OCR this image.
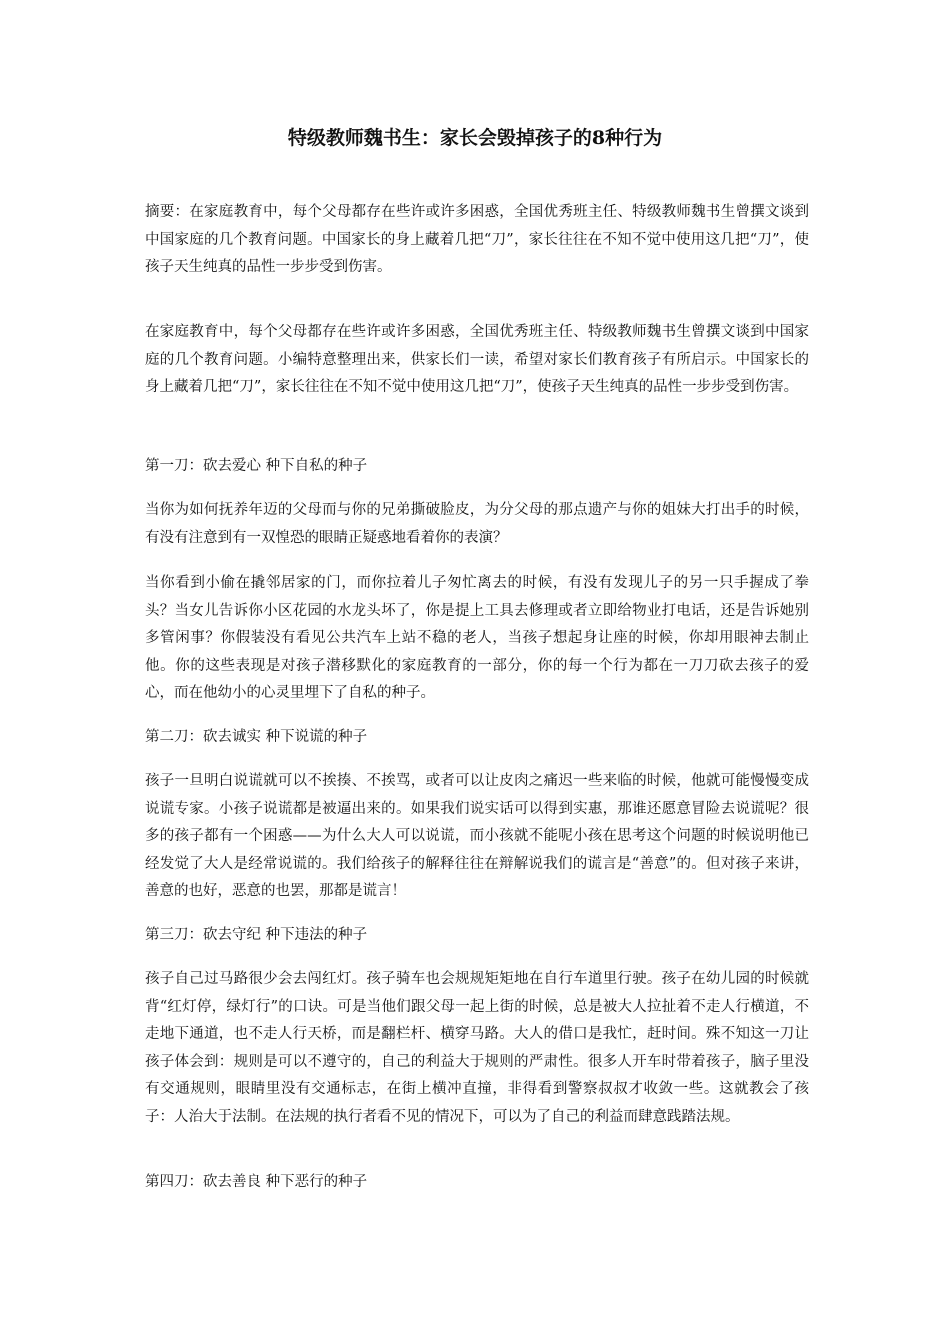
特级教师魏书生：家长会毁掉孩子的8种行为

摘要：在家庭教育中，每个父母都存在些许或许多困惑，全国优秀班主任、特级教师魏书生曾撰文谈到中国家庭的几个教育问题。中国家长的身上藏着几把“刀”，家长往往在不知不觉中使用这几把“刀”，使孩子天生纯真的品性一步步受到伤害。

在家庭教育中，每个父母都存在些许或许多困惑，全国优秀班主任、特级教师魏书生曾撰文谈到中国家庭的几个教育问题。小编特意整理出来，供家长们一读，希望对家长们教育孩子有所启示。中国家长的身上藏着几把“刀”，家长往往在不知不觉中使用这几把“刀”，使孩子天生纯真的品性一步步受到伤害。

第一刀：砍去爱心 种下自私的种子

当你为如何抚养年迈的父母而与你的兄弟撕破脸皮，为分父母的那点遗产与你的姐妹大打出手的时候，有没有注意到有一双惶恐的眼睛正疑惑地看着你的表演？

当你看到小偷在撬邻居家的门，而你拉着儿子匆忙离去的时候，有没有发现儿子的另一只手握成了拳头？当女儿告诉你小区花园的水龙头坏了，你是提上工具去修理或者立即给物业打电话，还是告诉她别多管闲事？你假装没有看见公共汽车上站不稳的老人，当孩子想起身让座的时候，你却用眼神去制止他。你的这些表现是对孩子潜移默化的家庭教育的一部分，你的每一个行为都在一刀刀砍去孩子的爱心，而在他幼小的心灵里埋下了自私的种子。

第二刀：砍去诚实 种下说谎的种子

孩子一旦明白说谎就可以不挨揍、不挨骂，或者可以让皮肉之痛迟一些来临的时候，他就可能慢慢变成说谎专家。小孩子说谎都是被逼出来的。如果我们说实话可以得到实惠，那谁还愿意冒险去说谎呢？很多的孩子都有一个困惑——为什么大人可以说谎，而小孩就不能呢小孩在思考这个问题的时候说明他已经发觉了大人是经常说谎的。我们给孩子的解释往往在辩解说我们的谎言是“善意”的。但对孩子来讲，善意的也好，恶意的也罢，那都是谎言！

第三刀：砍去守纪 种下违法的种子

孩子自己过马路很少会去闯红灯。孩子骑车也会规规矩矩地在自行车道里行驶。孩子在幼儿园的时候就背“红灯停，绿灯行”的口诀。可是当他们跟父母一起上街的时候，总是被大人拉扯着不走人行横道，不走地下通道，也不走人行天桥，而是翻栏杆、横穿马路。大人的借口是我忙，赶时间。殊不知这一刀让孩子体会到：规则是可以不遵守的，自己的利益大于规则的严肃性。很多人开车时带着孩子，脑子里没有交通规则，眼睛里没有交通标志，在街上横冲直撞，非得看到警察叔叔才收敛一些。这就教会了孩子：人治大于法制。在法规的执行者看不见的情况下，可以为了自己的利益而肆意践踏法规。

第四刀：砍去善良 种下恶行的种子
